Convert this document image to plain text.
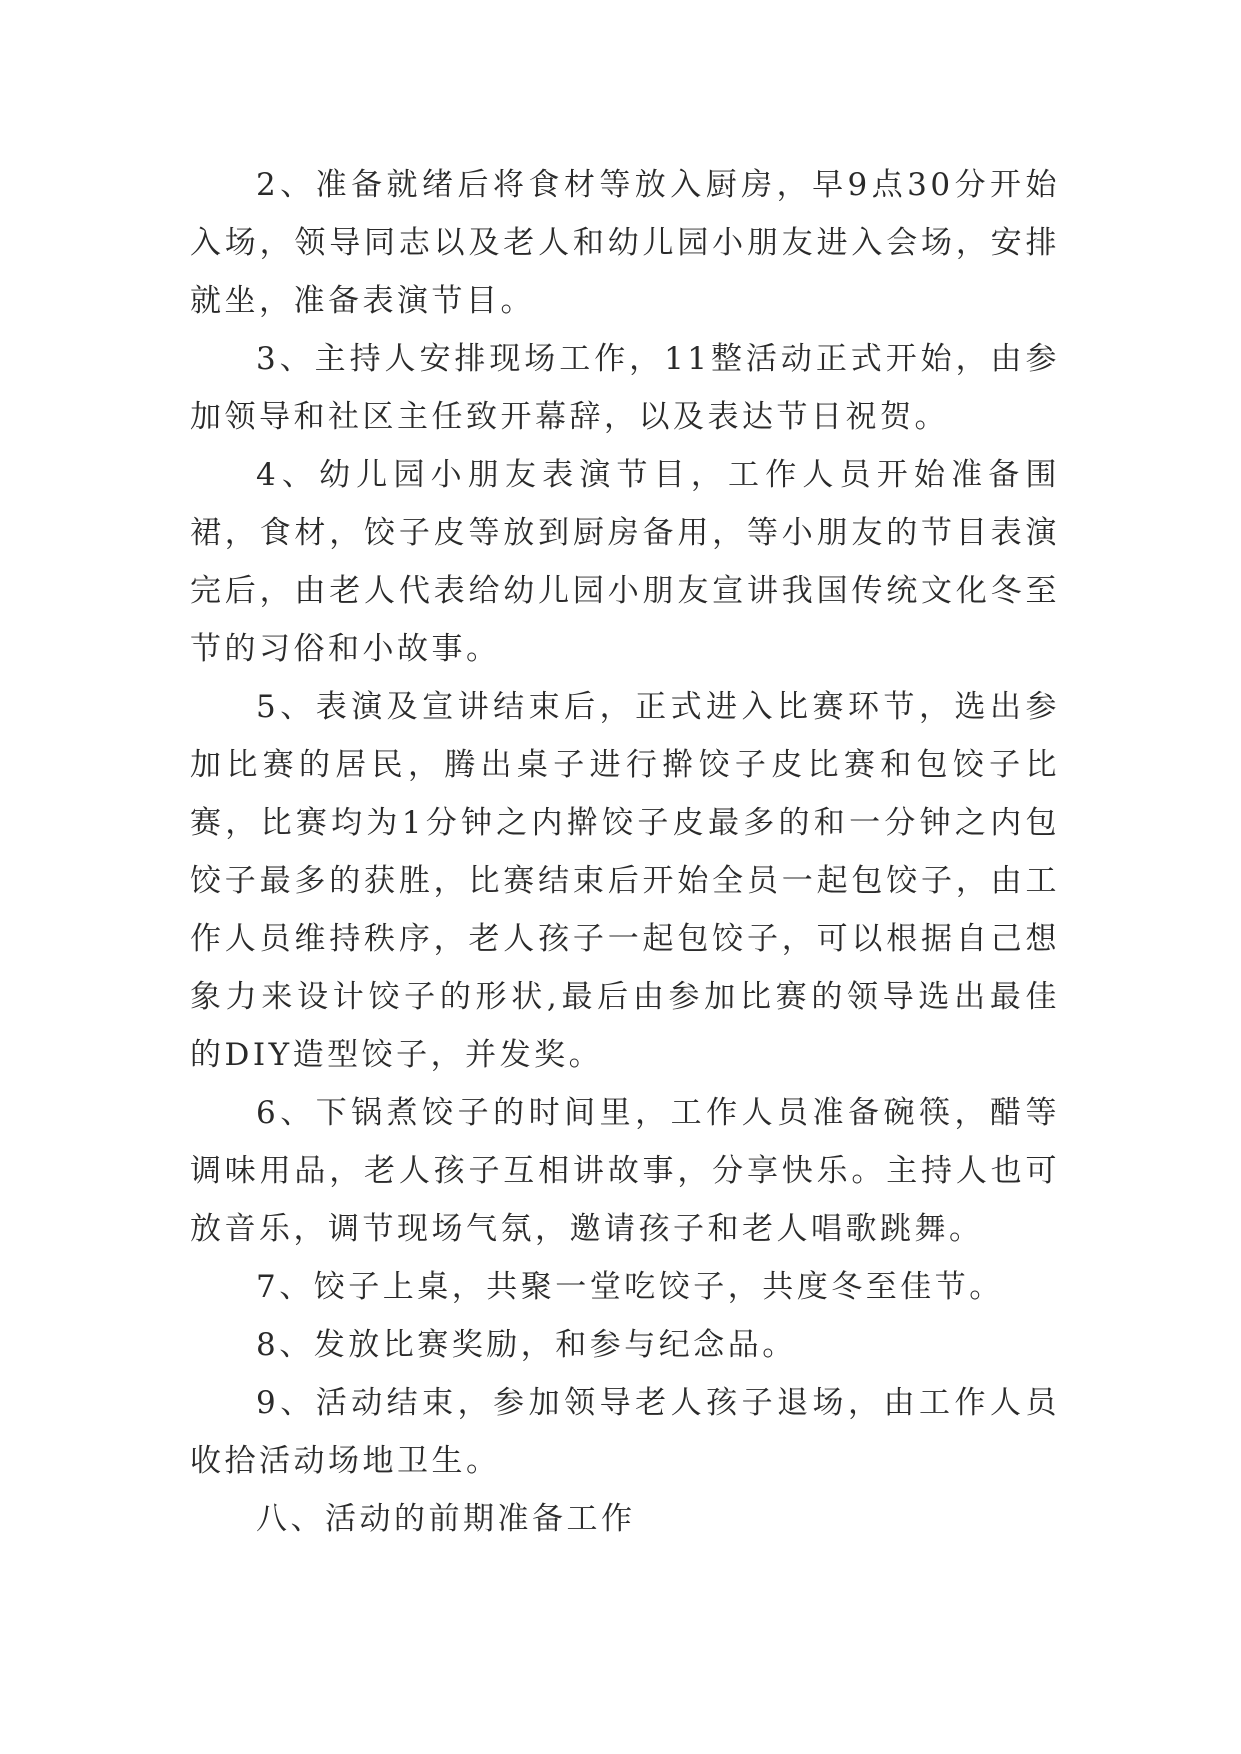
2、准备就绪后将食材等放入厨房，早9点30分开始入场，领导同志以及老人和幼儿园小朋友进入会场，安排就坐，准备表演节目。

3、主持人安排现场工作，11整活动正式开始，由参加领导和社区主任致开幕辞，以及表达节日祝贺。

4、幼儿园小朋友表演节目，工作人员开始准备围裙，食材，饺子皮等放到厨房备用，等小朋友的节目表演完后，由老人代表给幼儿园小朋友宣讲我国传统文化冬至节的习俗和小故事。

5、表演及宣讲结束后，正式进入比赛环节，选出参加比赛的居民，腾出桌子进行擀饺子皮比赛和包饺子比赛，比赛均为1分钟之内擀饺子皮最多的和一分钟之内包饺子最多的获胜，比赛结束后开始全员一起包饺子，由工作人员维持秩序，老人孩子一起包饺子，可以根据自己想象力来设计饺子的形状,最后由参加比赛的领导选出最佳的DIY造型饺子，并发奖。

6、下锅煮饺子的时间里，工作人员准备碗筷，醋等调味用品，老人孩子互相讲故事，分享快乐。主持人也可放音乐，调节现场气氛，邀请孩子和老人唱歌跳舞。

7、饺子上桌，共聚一堂吃饺子，共度冬至佳节。

8、发放比赛奖励，和参与纪念品。

9、活动结束，参加领导老人孩子退场，由工作人员收拾活动场地卫生。

八、活动的前期准备工作
